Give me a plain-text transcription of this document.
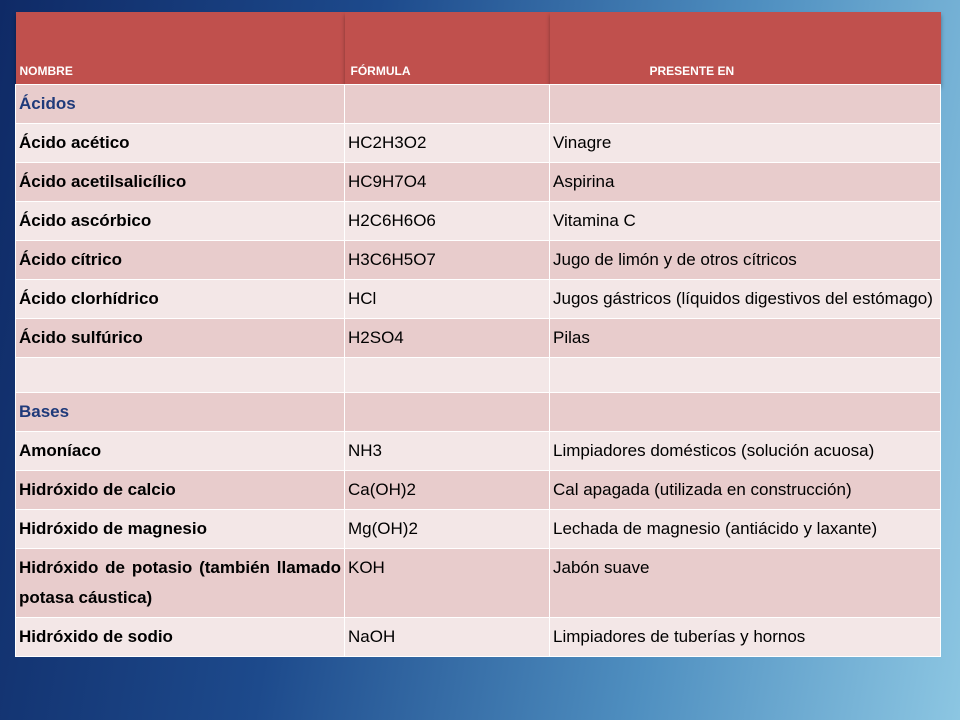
NOMBRE	FÓRMULA	PRESENTE EN
Ácidos		
Ácido acético	HC2H3O2	Vinagre
Ácido acetilsalicílico	HC9H7O4	Aspirina
Ácido ascórbico	H2C6H6O6	Vitamina C
Ácido cítrico	H3C6H5O7	Jugo de limón y de otros cítricos
Ácido clorhídrico	HCl	Jugos gástricos (líquidos digestivos del estómago)
Ácido sulfúrico	H2SO4	Pilas

Bases		
Amoníaco	NH3	Limpiadores domésticos (solución acuosa)
Hidróxido de calcio	Ca(OH)2	Cal apagada (utilizada en construcción)
Hidróxido de magnesio	Mg(OH)2	Lechada de magnesio (antiácido y laxante)
Hidróxido de potasio (también llamado potasa cáustica)	KOH	Jabón suave
Hidróxido de sodio	NaOH	Limpiadores de tuberías y hornos
